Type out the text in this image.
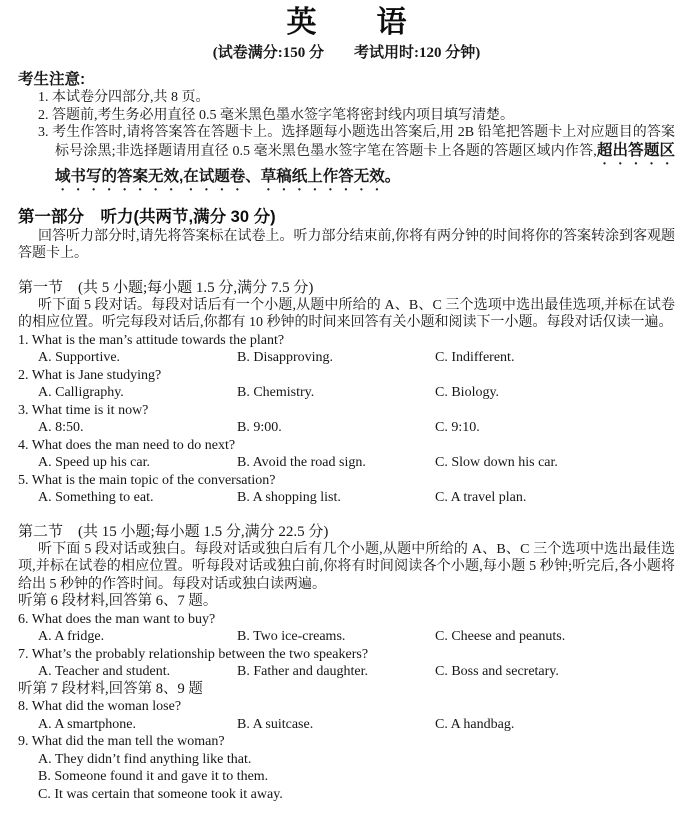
英　　语
(试卷满分:150 分　　考试用时:120 分钟)
考生注意:
1. 本试卷分四部分,共 8 页。
2. 答题前,考生务必用直径 0.5 毫米黑色墨水签字笔将密封线内项目填写清楚。
3. 考生作答时,请将答案答在答题卡上。选择题每小题选出答案后,用 2B 铅笔把答题卡上对应题目的答案标号涂黑;非选择题请用直径 0.5 毫米黑色墨水签字笔在答题卡上各题的答题区域内作答,超出答题区域书写的答案无效,在试题卷、草稿纸上作答无效。
第一部分　听力(共两节,满分 30 分)

回答听力部分时,请先将答案标在试卷上。听力部分结束前,你将有两分钟的时间将你的答案转涂到客观题答题卡上。

第一节　(共 5 小题;每小题 1.5 分,满分 7.5 分)

听下面 5 段对话。每段对话后有一个小题,从题中所给的 A、B、C 三个选项中选出最佳选项,并标在试卷的相应位置。听完每段对话后,你都有 10 秒钟的时间来回答有关小题和阅读下一小题。每段对话仅读一遍。

1. What is the man’s attitude towards the plant?
A. Supportive.	B. Disapproving.	C. Indifferent.
2. What is Jane studying?
A. Calligraphy.	B. Chemistry.	C. Biology.
3. What time is it now?
A. 8:50.	B. 9:00.	C. 9:10.
4. What does the man need to do next?
A. Speed up his car.	B. Avoid the road sign.	C. Slow down his car.
5. What is the main topic of the conversation?
A. Something to eat.	B. A shopping list.	C. A travel plan.
第二节　(共 15 小题;每小题 1.5 分,满分 22.5 分)

听下面 5 段对话或独白。每段对话或独白后有几个小题,从题中所给的 A、B、C 三个选项中选出最佳选项,并标在试卷的相应位置。听每段对话或独白前,你将有时间阅读各个小题,每小题 5 秒钟;听完后,各小题将给出 5 秒钟的作答时间。每段对话或独白读两遍。

听第 6 段材料,回答第 6、7 题。
6. What does the man want to buy?
A. A fridge.	B. Two ice-creams.	C. Cheese and peanuts.
7. What’s the probably relationship between the two speakers?
A. Teacher and student.	B. Father and daughter.	C. Boss and secretary.
听第 7 段材料,回答第 8、9 题
8. What did the woman lose?
A. A smartphone.	B. A suitcase.	C. A handbag.
9. What did the man tell the woman?
A. They didn’t find anything like that.
B. Someone found it and gave it to them.
C. It was certain that someone took it away.
